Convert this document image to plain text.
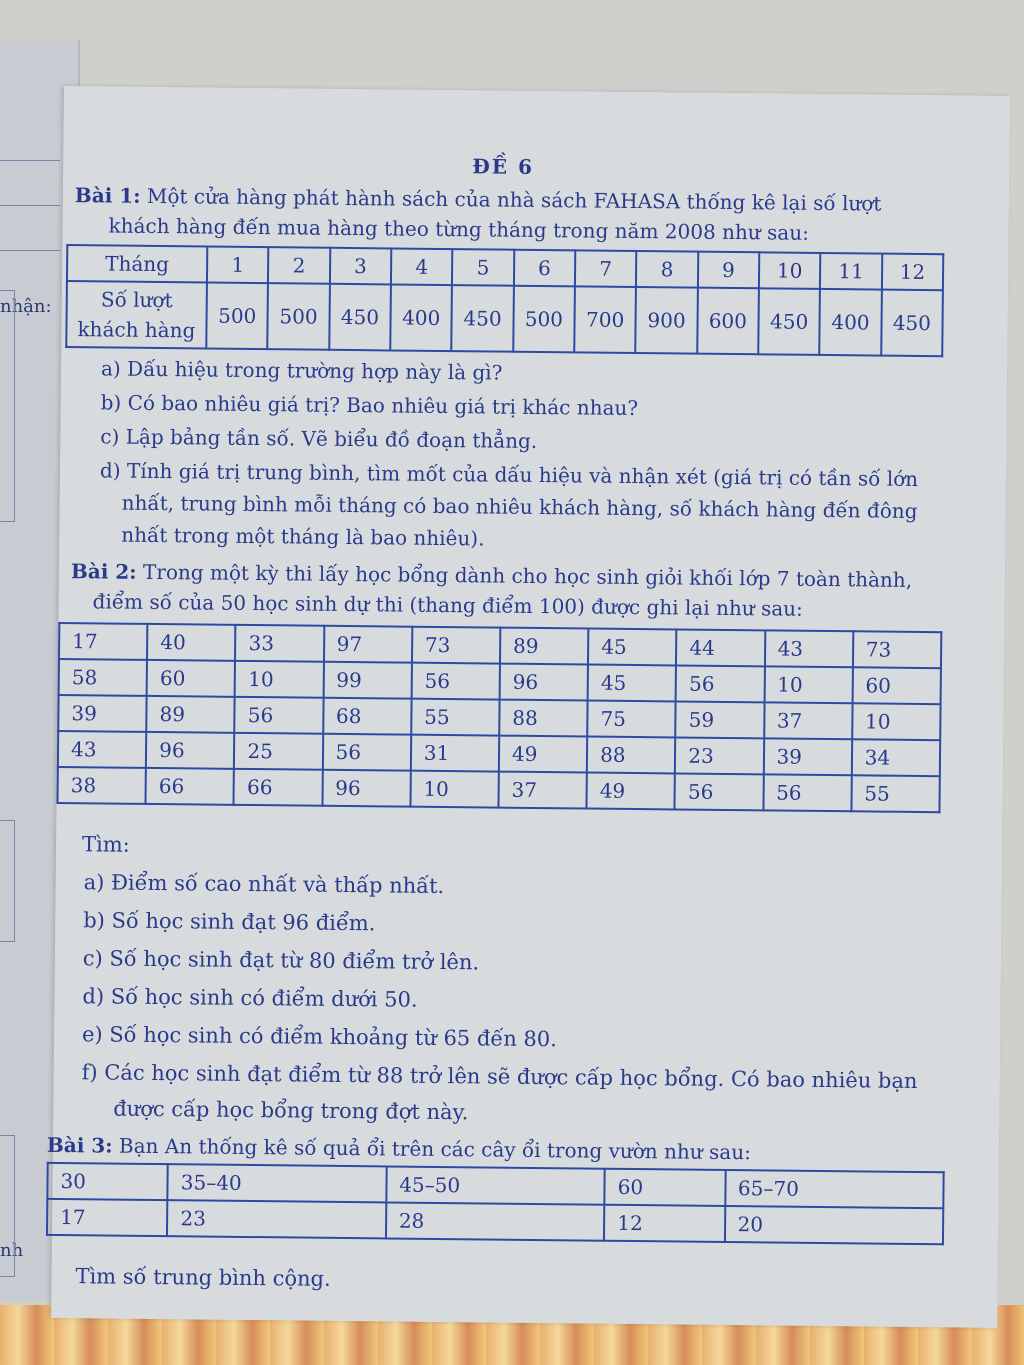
nhận:
nh
ĐỀ 6
Bài 1: Một cửa hàng phát hành sách của nhà sách FAHASA thống kê lại số lượt
khách hàng đến mua hàng theo từng tháng trong năm 2008 như sau:
Tháng	1	2	3	4	5	6	7	8	9	10	11	12

Số lượt
khách hàng	500	500	450	400	450	500	700	900	600	450	400	450
a) Dấu hiệu trong trường hợp này là gì?
b) Có bao nhiêu giá trị? Bao nhiêu giá trị khác nhau?
c) Lập bảng tần số. Vẽ biểu đồ đoạn thẳng.
d) Tính giá trị trung bình, tìm mốt của dấu hiệu và nhận xét (giá trị có tần số lớn
nhất, trung bình mỗi tháng có bao nhiêu khách hàng, số khách hàng đến đông
nhất trong một tháng là bao nhiêu).
Bài 2: Trong một kỳ thi lấy học bổng dành cho học sinh giỏi khối lớp 7 toàn thành,
điểm số của 50 học sinh dự thi (thang điểm 100) được ghi lại như sau:
17	40	33	97	73	89	45	44	43	73
58	60	10	99	56	96	45	56	10	60
39	89	56	68	55	88	75	59	37	10
43	96	25	56	31	49	88	23	39	34
38	66	66	96	10	37	49	56	56	55
Tìm:
a) Điểm số cao nhất và thấp nhất.
b) Số học sinh đạt 96 điểm.
c) Số học sinh đạt từ 80 điểm trở lên.
d) Số học sinh có điểm dưới 50.
e) Số học sinh có điểm khoảng từ 65 đến 80.
f) Các học sinh đạt điểm từ 88 trở lên sẽ được cấp học bổng. Có bao nhiêu bạn
được cấp học bổng trong đợt này.
Bài 3: Bạn An thống kê số quả ổi trên các cây ổi trong vườn như sau:
30	35–40	45–50	60	65–70
17	23	28	12	20
Tìm số trung bình cộng.
